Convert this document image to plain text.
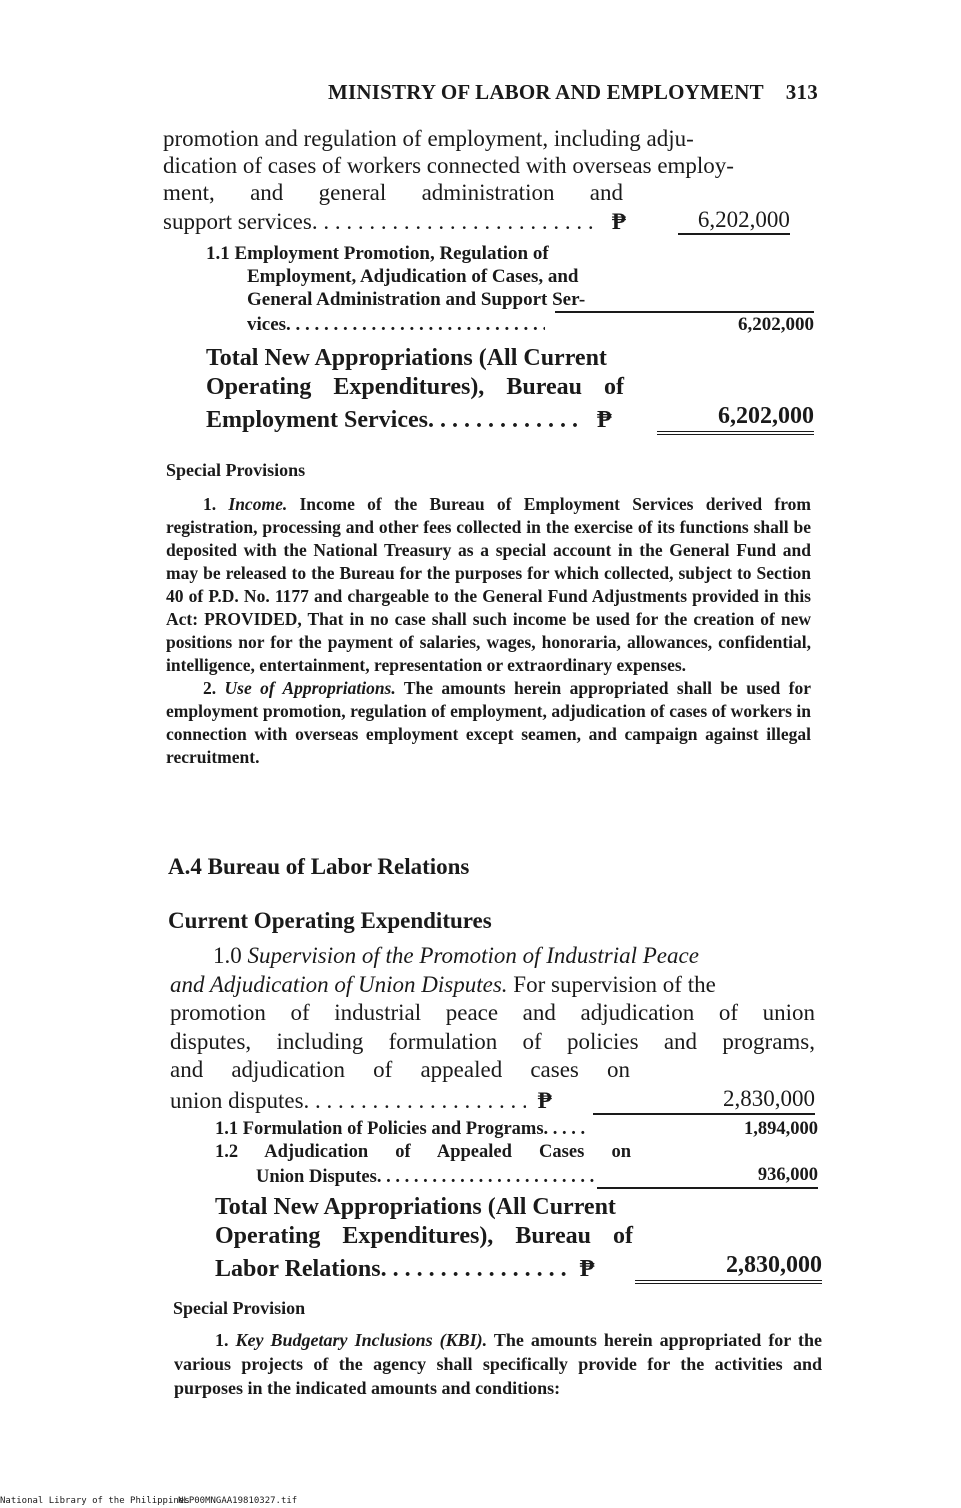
MINISTRY OF LABOR AND EMPLOYMENT 313
promotion and regulation of employment, including adju-
dication of cases of workers connected with overseas employ-
ment, and general administration and
support services . . .	₱	6,202,000
1.1 Employment Promotion, Regulation of
Employment, Adjudication of Cases, and
General Administration and Support Ser-
vices . . .	6,202,000
Total New Appropriations (All Current
Operating Expenditures), Bureau of
Employment Services . . .	₱	6,202,000
Special Provisions
1. Income. Income of the Bureau of Employment Services derived from registration, processing and other fees collected in the exercise of its functions shall be deposited with the National Treasury as a special account in the General Fund and may be released to the Bureau for the purposes for which collected, subject to Section 40 of P.D. No. 1177 and chargeable to the General Fund Adjustments provided in this Act: PROVIDED, That in no case shall such income be used for the creation of new positions nor for the payment of salaries, wages, honoraria, allowances, confidential, intelligence, entertainment, representation or extraordinary expenses.
2. Use of Appropriations. The amounts herein appropriated shall be used for employment promotion, regulation of employment, adjudication of cases of workers in connection with overseas employment except seamen, and campaign against illegal recruitment.
A.4 Bureau of Labor Relations
Current Operating Expenditures
1.0 Supervision of the Promotion of Industrial Peace
and Adjudication of Union Disputes. For supervision of the
promotion of industrial peace and adjudication of union
disputes, including formulation of policies and programs,
and adjudication of appealed cases on
union disputes . . .	₱	2,830,000
1.1 Formulation of Policies and Programs . . .	1,894,000
1.2 Adjudication of Appealed Cases on
Union Disputes . . .	936,000
Total New Appropriations (All Current
Operating Expenditures), Bureau of
Labor Relations . . .	₱	2,830,000
Special Provision
1. Key Budgetary Inclusions (KBI). The amounts herein appropriated for the various projects of the agency shall specifically provide for the activities and purposes in the indicated amounts and conditions:
National Library of the Philippines
NLP00MNGAA19810327.tif
